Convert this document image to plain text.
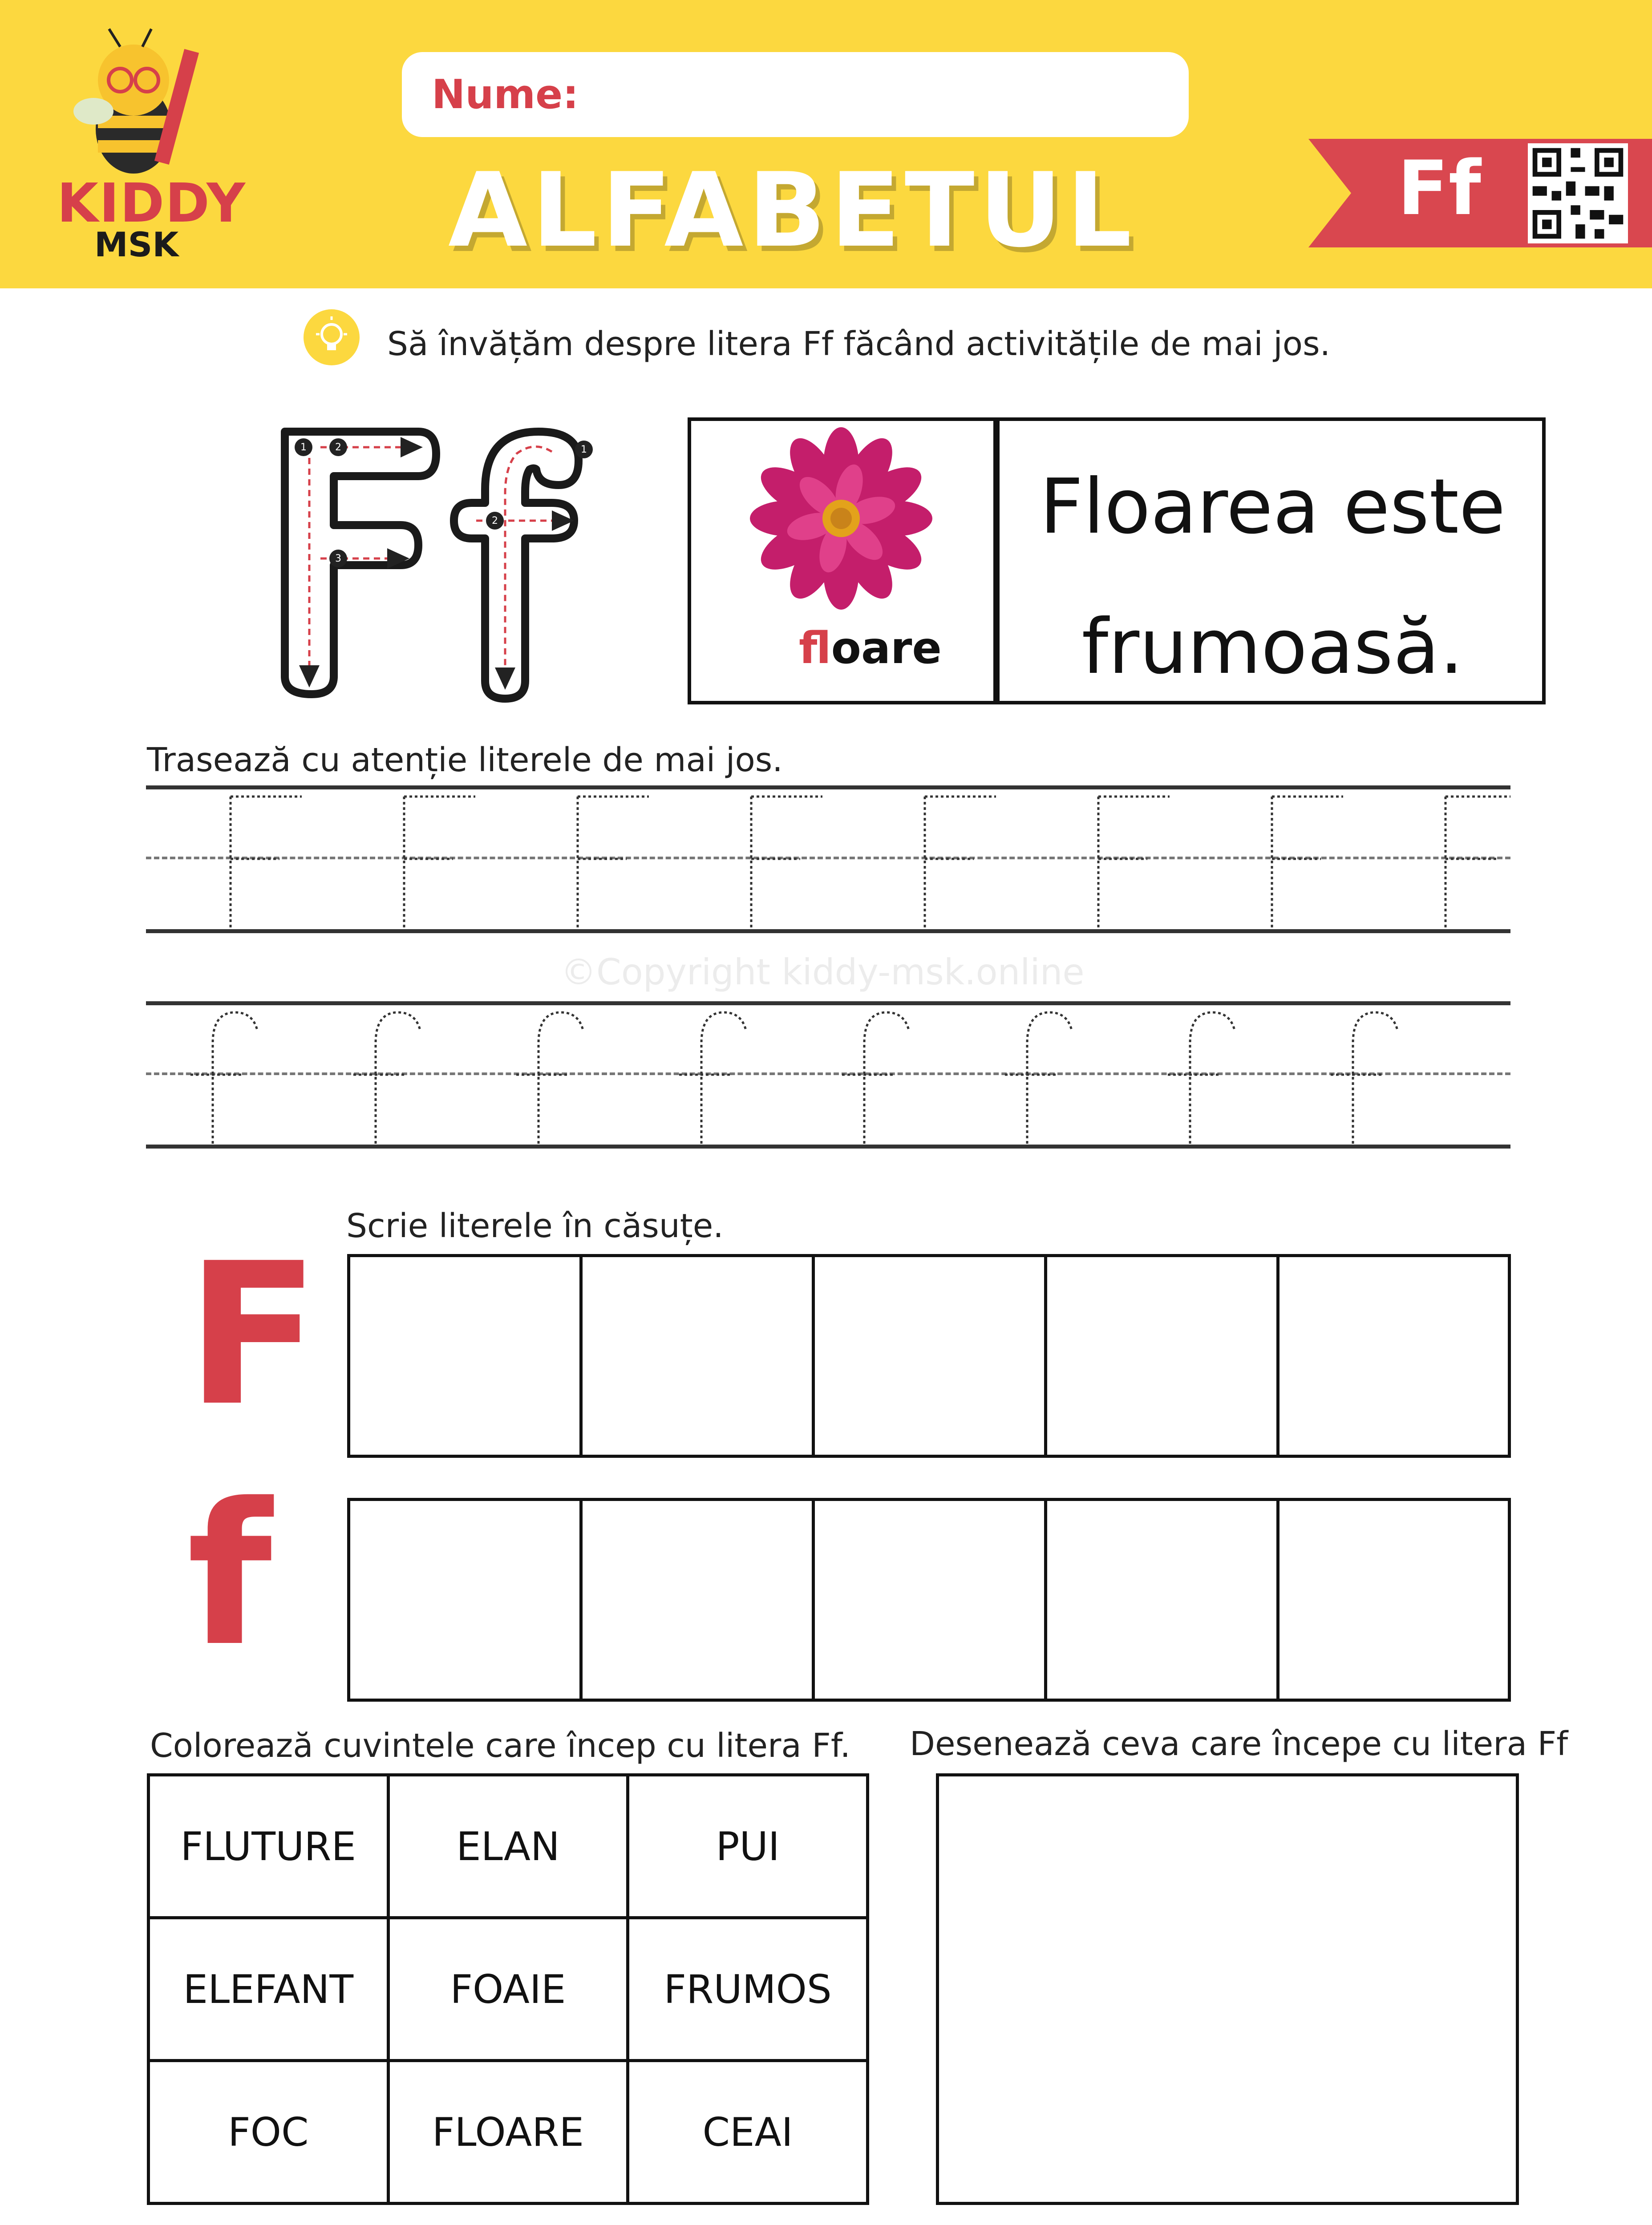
KIDDY
MSK
Nume:
ALFABETUL	Ff
Să învățăm despre litera Ff făcând activitățile de mai jos.
1	2
3
1
2
floare
Floarea este
frumoasă.
Trasează cu atenție literele de mai jos.
©Copyright kiddy-msk.online
Scrie literele în căsuțe.
F
f
Colorează cuvintele care încep cu litera Ff. Desenează ceva care începe cu litera Ff
FLUTURE	ELAN	PUI
ELEFANT	FOAIE	FRUMOS
FOC	FLOARE	CEAI
